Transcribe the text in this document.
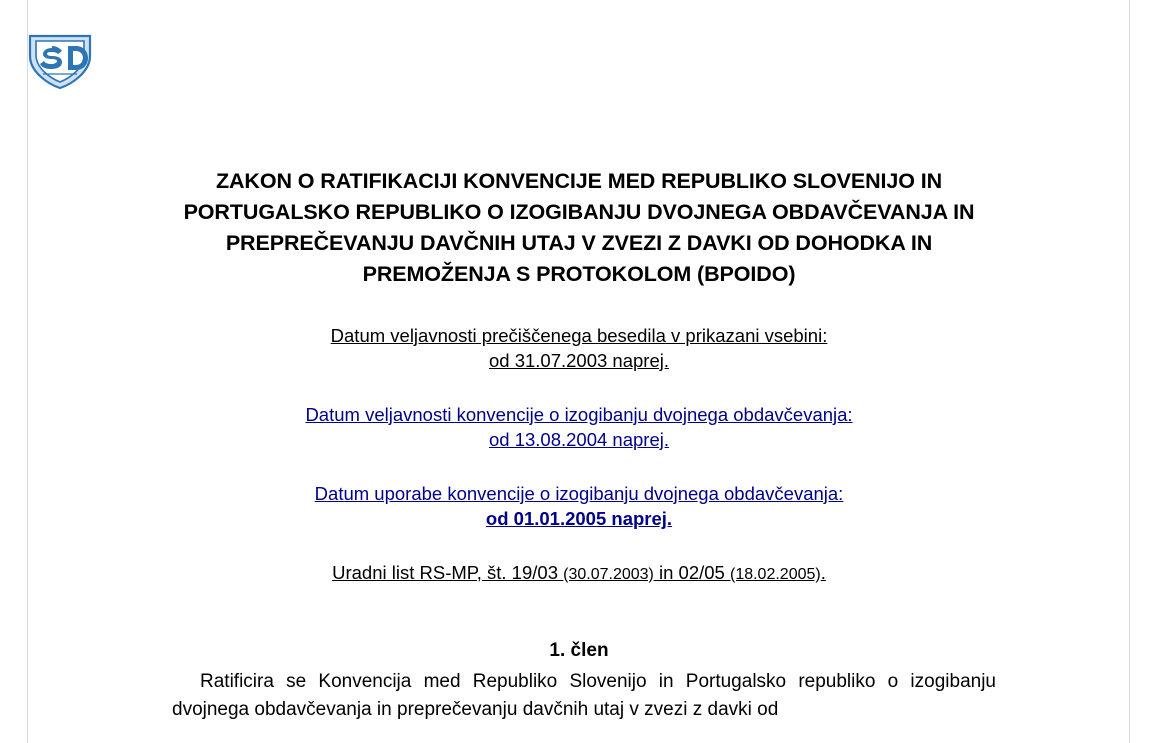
ZAKON O RATIFIKACIJI KONVENCIJE MED REPUBLIKO SLOVENIJO IN PORTUGALSKO REPUBLIKO O IZOGIBANJU DVOJNEGA OBDAVČEVANJA IN PREPREČEVANJU DAVČNIH UTAJ V ZVEZI Z DAVKI OD DOHODKA IN PREMOŽENJA S PROTOKOLOM (BPOIDO)
Datum veljavnosti prečiščenega besedila v prikazani vsebini:
od 31.07.2003 naprej.
Datum veljavnosti konvencije o izogibanju dvojnega obdavčevanja:
od 13.08.2004 naprej.
Datum uporabe konvencije o izogibanju dvojnega obdavčevanja:
od 01.01.2005 naprej.
Uradni list RS-MP, št. 19/03 (30.07.2003) in 02/05 (18.02.2005).
1. člen
Ratificira se Konvencija med Republiko Slovenijo in Portugalsko republiko o izogibanju dvojnega obdavčevanja in preprečevanju davčnih utaj v zvezi z davki od
